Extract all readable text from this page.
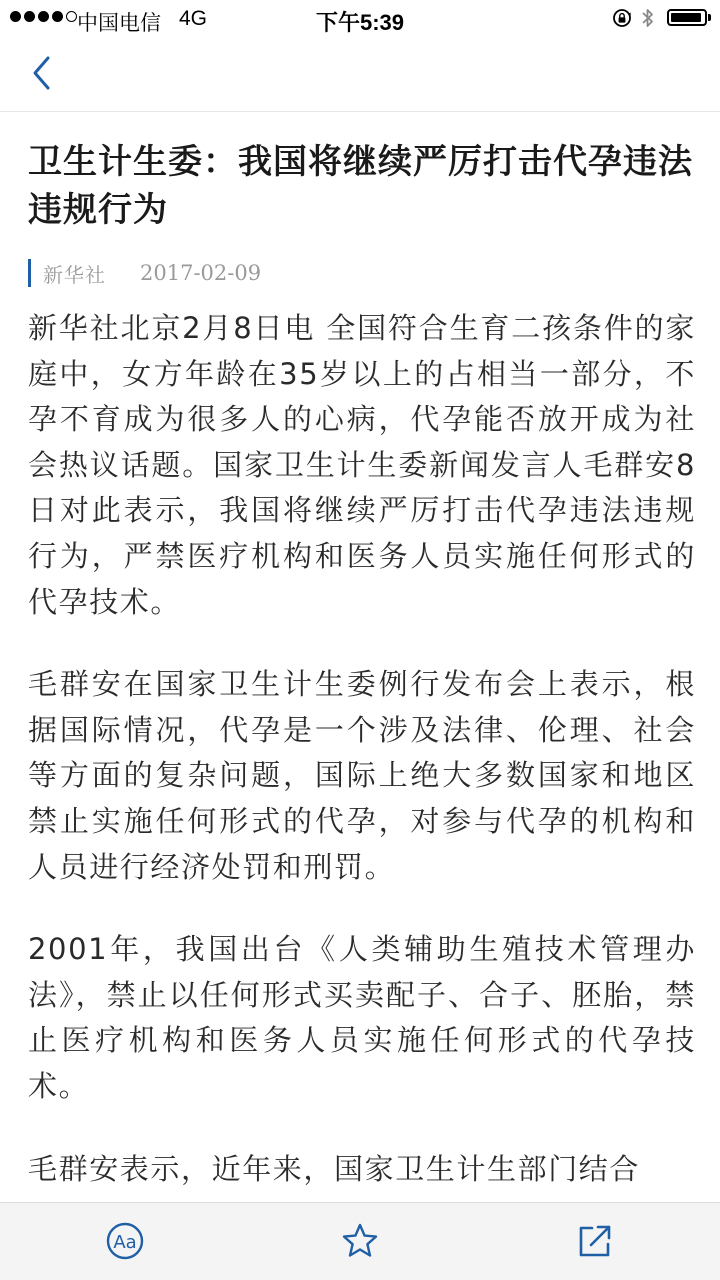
中国电信 4G	下午5:39
卫生计生委：我国将继续严厉打击代孕违法违规行为
新华社 2017-02-09

新华社北京2月8日电 全国符合生育二孩条件的家庭中，女方年龄在35岁以上的占相当一部分，不孕不育成为很多人的心病，代孕能否放开成为社会热议话题。国家卫生计生委新闻发言人毛群安8日对此表示，我国将继续严厉打击代孕违法违规行为，严禁医疗机构和医务人员实施任何形式的代孕技术。

毛群安在国家卫生计生委例行发布会上表示，根据国际情况，代孕是一个涉及法律、伦理、社会等方面的复杂问题，国际上绝大多数国家和地区禁止实施任何形式的代孕，对参与代孕的机构和人员进行经济处罚和刑罚。

2001年，我国出台《人类辅助生殖技术管理办法》，禁止以任何形式买卖配子、合子、胚胎，禁止医疗机构和医务人员实施任何形式的代孕技术。

毛群安表示，近年来，国家卫生计生部门结合

Aa
